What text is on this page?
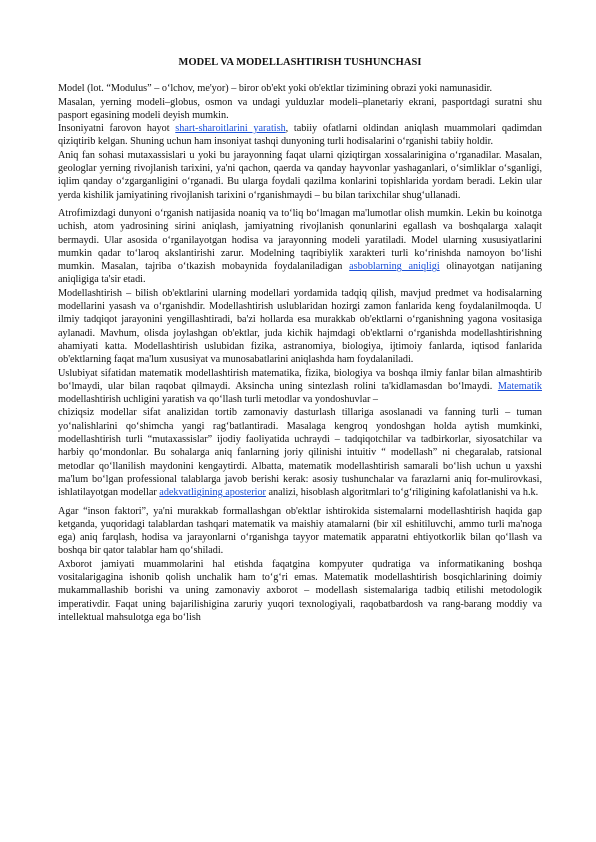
MODEL VA MODELLASHTIRISH TUSHUNCHASI

Model (lot. “Modulus” – oʻlchov, me'yor) – biror ob'ekt yoki ob'ektlar tizimining obrazi yoki namunasidir.

Masalan, yerning modeli–globus, osmon va undagi yulduzlar modeli–planetariy ekrani, pasportdagi suratni shu pasport egasining modeli deyish mumkin.

Insoniyatni farovon hayot shart-sharoitlarini yaratish, tabiiy ofatlarni oldindan aniqlash muammolari qadimdan qiziqtirib kelgan. Shuning uchun ham insoniyat tashqi dunyoning turli hodisalarini oʻrganishi tabiiy holdir.

Aniq fan sohasi mutaxassislari u yoki bu jarayonning faqat ularni qiziqtirgan xossalarinigina oʻrganadilar. Masalan, geologlar yerning rivojlanish tarixini, ya'ni qachon, qaerda va qanday hayvonlar yashaganlari, oʻsimliklar oʻsganligi, iqlim qanday oʻzgarganligini oʻrganadi. Bu ularga foydali qazilma konlarini topishlarida yordam beradi. Lekin ular yerda kishilik jamiyatining rivojlanish tarixini oʻrganishmaydi – bu bilan tarixchilar shugʻullanadi.

Atrofimizdagi dunyoni oʻrganish natijasida noaniq va toʻliq boʻlmagan ma'lumotlar olish mumkin. Lekin bu koinotga uchish, atom yadrosining sirini aniqlash, jamiyatning rivojlanish qonunlarini egallash va boshqalarga xalaqit bermaydi. Ular asosida oʻrganilayotgan hodisa va jarayonning modeli yaratiladi. Model ularning xususiyatlarini mumkin qadar toʻlaroq akslantirishi zarur. Modelning taqribiylik xarakteri turli koʻrinishda namoyon boʻlishi mumkin. Masalan, tajriba oʻtkazish mobaynida foydalaniladigan asboblarning aniqligi olinayotgan natijaning aniqligiga ta'sir etadi.

Modellashtirish – bilish ob'ektlarini ularning modellari yordamida tadqiq qilish, mavjud predmet va hodisalarning modellarini yasash va oʻrganishdir. Modellashtirish uslublaridan hozirgi zamon fanlarida keng foydalanilmoqda. U ilmiy tadqiqot jarayonini yengillashtiradi, ba'zi hollarda esa murakkab ob'ektlarni oʻrganishning yagona vositasiga aylanadi. Mavhum, olisda joylashgan ob'ektlar, juda kichik hajmdagi ob'ektlarni oʻrganishda modellashtirishning ahamiyati katta. Modellashtirish uslubidan fizika, astranomiya, biologiya, ijtimoiy fanlarda, iqtisod fanlarida ob'ektlarning faqat ma'lum xususiyat va munosabatlarini aniqlashda ham foydalaniladi.

Uslubiyat sifatidan matematik modellashtirish matematika, fizika, biologiya va boshqa ilmiy fanlar bilan almashtirib boʻlmaydi, ular bilan raqobat qilmaydi. Aksincha uning sintezlash rolini ta'kidlamasdan boʻlmaydi. Matematik modellashtirish uchligini yaratish va qoʻllash turli metodlar va yondoshuvlar –

chiziqsiz modellar sifat analizidan tortib zamonaviy dasturlash tillariga asoslanadi va fanning turli – tuman yoʻnalishlarini qoʻshimcha yangi ragʻbatlantiradi. Masalaga kengroq yondoshgan holda aytish mumkinki, modellashtirish turli “mutaxassislar” ijodiy faoliyatida uchraydi – tadqiqotchilar va tadbirkorlar, siyosatchilar va harbiy qoʻmondonlar. Bu sohalarga aniq fanlarning joriy qilinishi intuitiv “ modellash” ni chegaralab, ratsional metodlar qoʻllanilish maydonini kengaytirdi. Albatta, matematik modellashtirish samarali boʻlish uchun u yaxshi ma'lum boʻlgan professional talablarga javob berishi kerak: asosiy tushunchalar va farazlarni aniq for-mulirovkasi, ishlatilayotgan modellar adekvatligining aposterior analizi, hisoblash algoritmlari toʻgʻriligining kafolatlanishi va h.k.

Agar “inson faktori”, ya'ni murakkab formallashgan ob'ektlar ishtirokida sistemalarni modellashtirish haqida gap ketganda, yuqoridagi talablardan tashqari matematik va maishiy atamalarni (bir xil eshitiluvchi, ammo turli ma'noga ega) aniq farqlash, hodisa va jarayonlarni oʻrganishga tayyor matematik apparatni ehtiyotkorlik bilan qoʻllash va boshqa bir qator talablar ham qoʻshiladi.

Axborot jamiyati muammolarini hal etishda faqatgina kompyuter qudratiga va informatikaning boshqa vositalarigagina ishonib qolish unchalik ham toʻgʻri emas. Matematik modellashtirish bosqichlarining doimiy mukammallashib borishi va uning zamonaviy axborot – modellash sistemalariga tadbiq etilishi metodologik imperativdir. Faqat uning bajarilishigina zaruriy yuqori texnologiyali, raqobatbardosh va rang-barang moddiy va intellektual mahsulotga ega boʻlish
